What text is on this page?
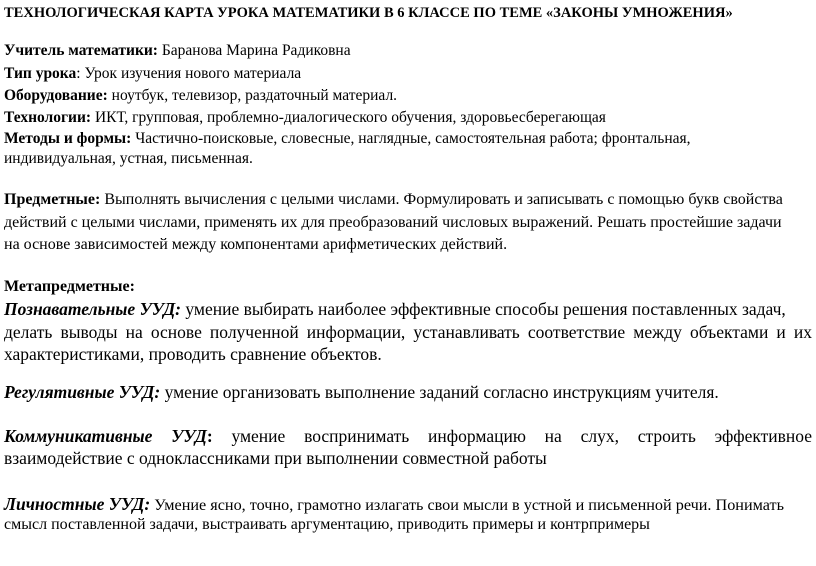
ТЕХНОЛОГИЧЕСКАЯ КАРТА УРОКА МАТЕМАТИКИ В 6 КЛАССЕ ПО ТЕМЕ «ЗАКОНЫ УМНОЖЕНИЯ»
Учитель математики: Баранова Марина Радиковна
Тип урока: Урок изучения нового материала
Оборудование: ноутбук, телевизор, раздаточный материал.
Технологии: ИКТ, групповая, проблемно-диалогического обучения, здоровьесберегающая
Методы и формы: Частично-поисковые, словесные, наглядные, самостоятельная работа; фронтальная,
индивидуальная, устная, письменная.
Предметные: Выполнять вычисления с целыми числами. Формулировать и записывать с помощью букв свойства
действий с целыми числами, применять их для преобразований числовых выражений. Решать простейшие задачи
на основе зависимостей между компонентами арифметических действий.
Метапредметные:
Познавательные УУД: умение выбирать наиболее эффективные способы решения поставленных задач,
делать выводы на основе полученной информации, устанавливать соответствие между объектами и их
характеристиками, проводить сравнение объектов.
Регулятивные УУД: умение организовать выполнение заданий согласно инструкциям учителя.
Коммуникативные УУД: умение воспринимать информацию на слух, строить эффективное
взаимодействие с одноклассниками при выполнении совместной работы
Личностные УУД: Умение ясно, точно, грамотно излагать свои мысли в устной и письменной речи. Понимать
смысл поставленной задачи, выстраивать аргументацию, приводить примеры и контрпримеры
